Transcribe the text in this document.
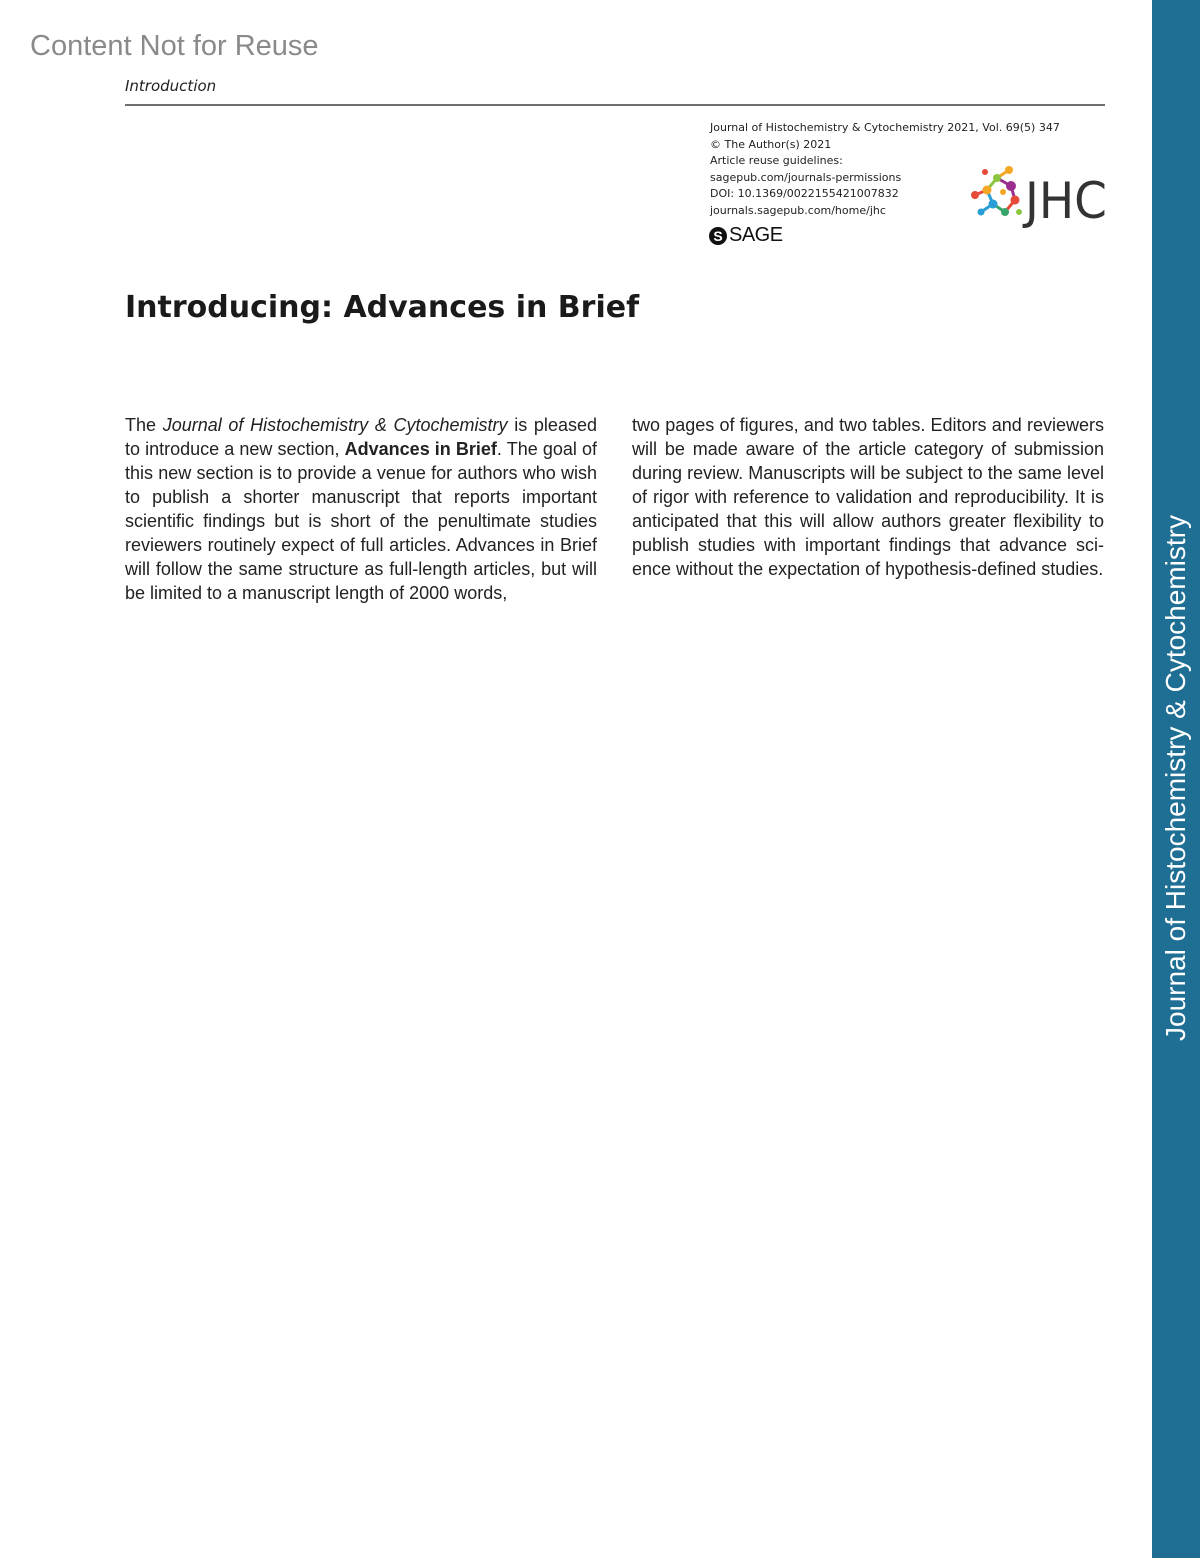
Content Not for Reuse
Introduction
Journal of Histochemistry & Cytochemistry 2021, Vol. 69(5) 347
© The Author(s) 2021
Article reuse guidelines:
sagepub.com/journals-permissions
DOI: 10.1369/0022155421007832
journals.sagepub.com/home/jhc
S SAGE
JHC
Introducing: Advances in Brief

The Journal of Histochemistry & Cytochemistry is pleased to introduce a new section, Advances in Brief. The goal of this new section is to provide a venue for authors who wish to publish a shorter manuscript that reports important scientific findings but is short of the penultimate studies reviewers routinely expect of full articles. Advances in Brief will follow the same structure as full-length articles, but will be limited to a manuscript length of 2000 words,

two pages of figures, and two tables. Editors and reviewers will be made aware of the article category of submission during review. Manuscripts will be subject to the same level of rigor with reference to validation and reproducibility. It is anticipated that this will allow authors greater flexibility to publish studies with important findings that advance science without the expectation of hypothesis-defined studies. Journal of Histochemistry & Cytochemistry
